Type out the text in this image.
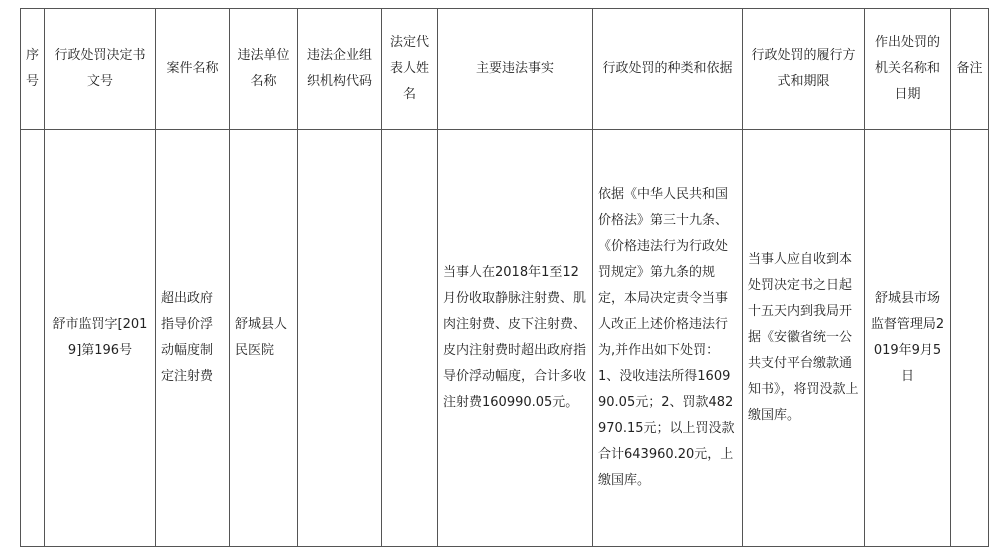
序号	行政处罚决定书文号	案件名称	违法单位名称	违法企业组织机构代码	法定代表人姓名	主要违法事实	行政处罚的种类和依据	行政处罚的履行方式和期限	作出处罚的机关名称和日期	备注
	舒市监罚字[2019]第196号	超出政府指导价浮动幅度制定注射费	舒城县人民医院			当事人在2018年1至12月份收取静脉注射费、肌肉注射费、皮下注射费、皮内注射费时超出政府指导价浮动幅度，合计多收注射费160990.05元。	依据《中华人民共和国价格法》第三十九条、《价格违法行为行政处罚规定》第九条的规定，本局决定责令当事人改正上述价格违法行为,并作出如下处罚：1、没收违法所得160990.05元；2、罚款482970.15元；以上罚没款合计643960.20元，上缴国库。	当事人应自收到本处罚决定书之日起十五天内到我局开据《安徽省统一公共支付平台缴款通知书》，将罚没款上缴国库。	舒城县市场监督管理局2019年9月5日	
